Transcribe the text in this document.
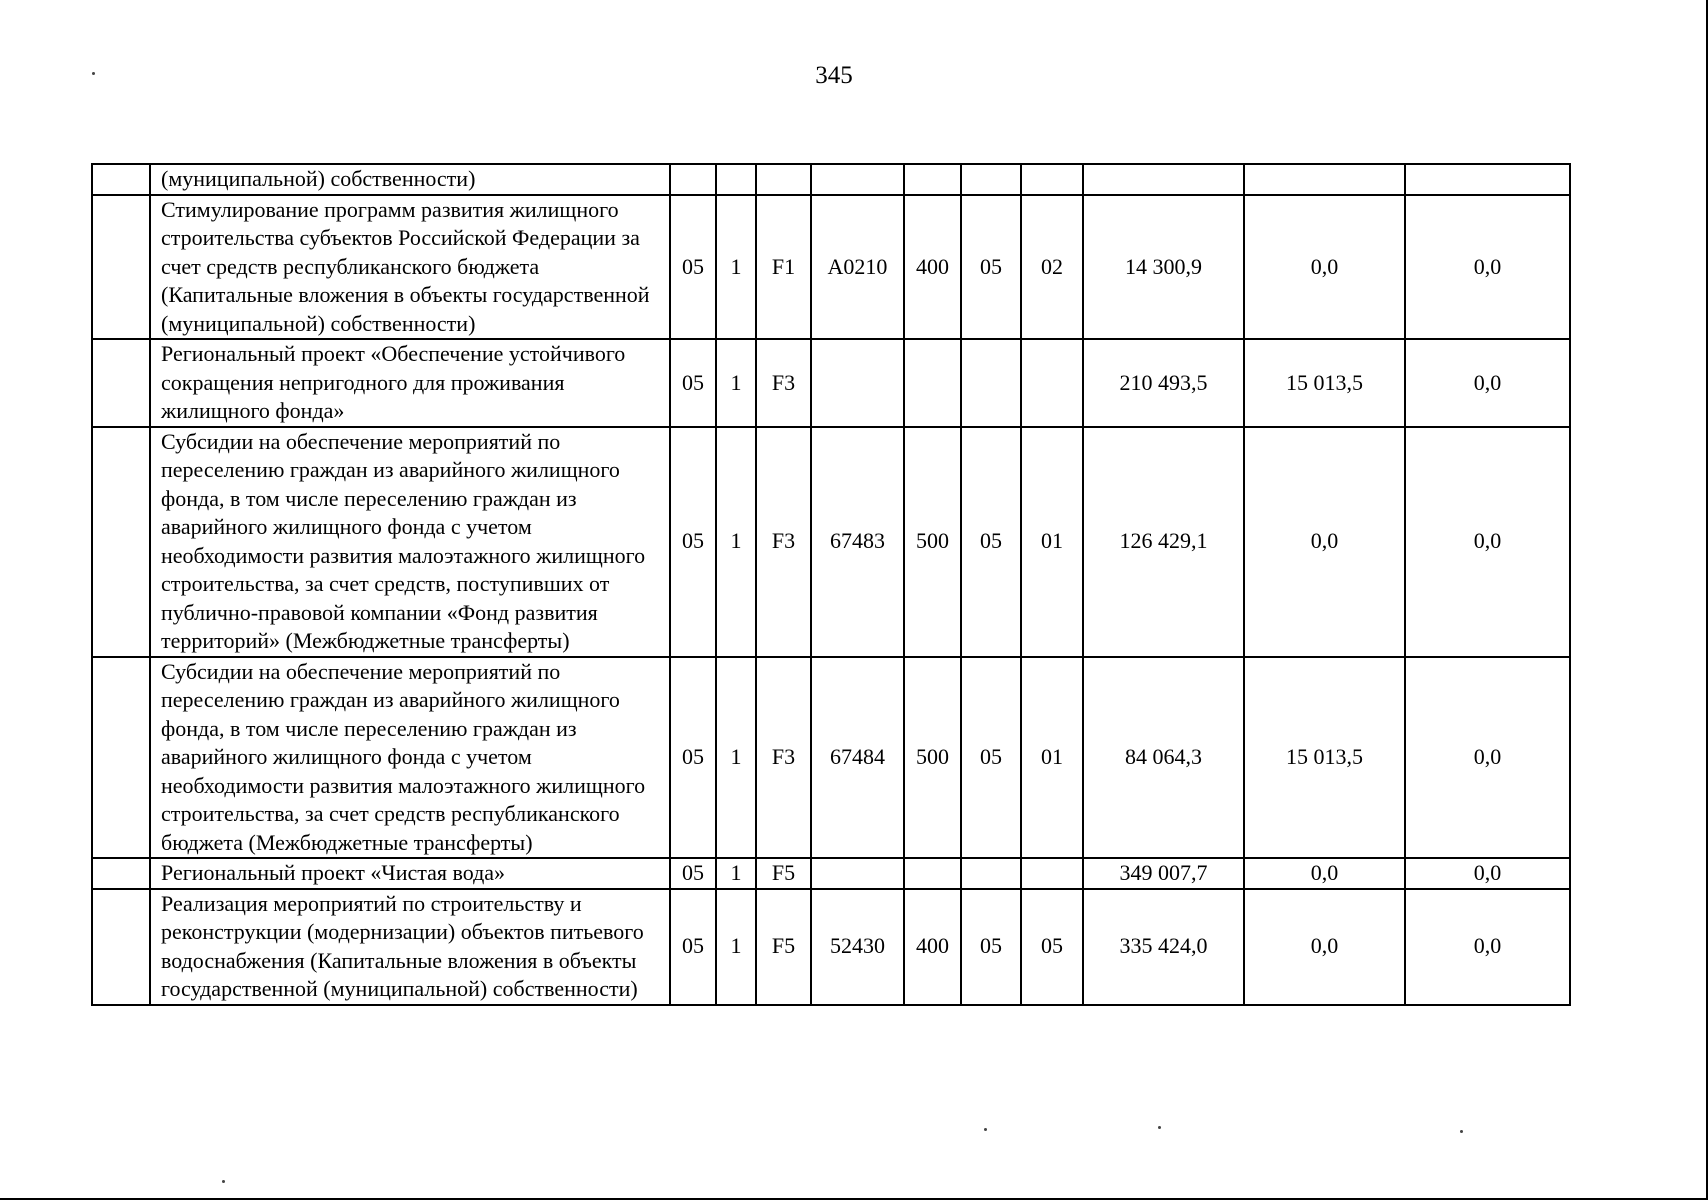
345
	(муниципальной) собственности)										
	Стимулирование программ развития жилищного строительства субъектов Российской Федерации за счет средств республиканского бюджета (Капитальные вложения в объекты государственной (муниципальной) собственности)	05	1	F1	A0210	400	05	02	14 300,9	0,0	0,0
	Региональный проект «Обеспечение устойчивого сокращения непригодного для проживания жилищного фонда»	05	1	F3					210 493,5	15 013,5	0,0
	Субсидии на обеспечение мероприятий по переселению граждан из аварийного жилищного фонда, в том числе переселению граждан из аварийного жилищного фонда с учетом необходимости развития малоэтажного жилищного строительства, за счет средств, поступивших от публично-правовой компании «Фонд развития территорий» (Межбюджетные трансферты)	05	1	F3	67483	500	05	01	126 429,1	0,0	0,0
	Субсидии на обеспечение мероприятий по переселению граждан из аварийного жилищного фонда, в том числе переселению граждан из аварийного жилищного фонда с учетом необходимости развития малоэтажного жилищного строительства, за счет средств республиканского бюджета (Межбюджетные трансферты)	05	1	F3	67484	500	05	01	84 064,3	15 013,5	0,0
	Региональный проект «Чистая вода»	05	1	F5					349 007,7	0,0	0,0
	Реализация мероприятий по строительству и реконструкции (модернизации) объектов питьевого водоснабжения (Капитальные вложения в объекты государственной (муниципальной) собственности)	05	1	F5	52430	400	05	05	335 424,0	0,0	0,0
